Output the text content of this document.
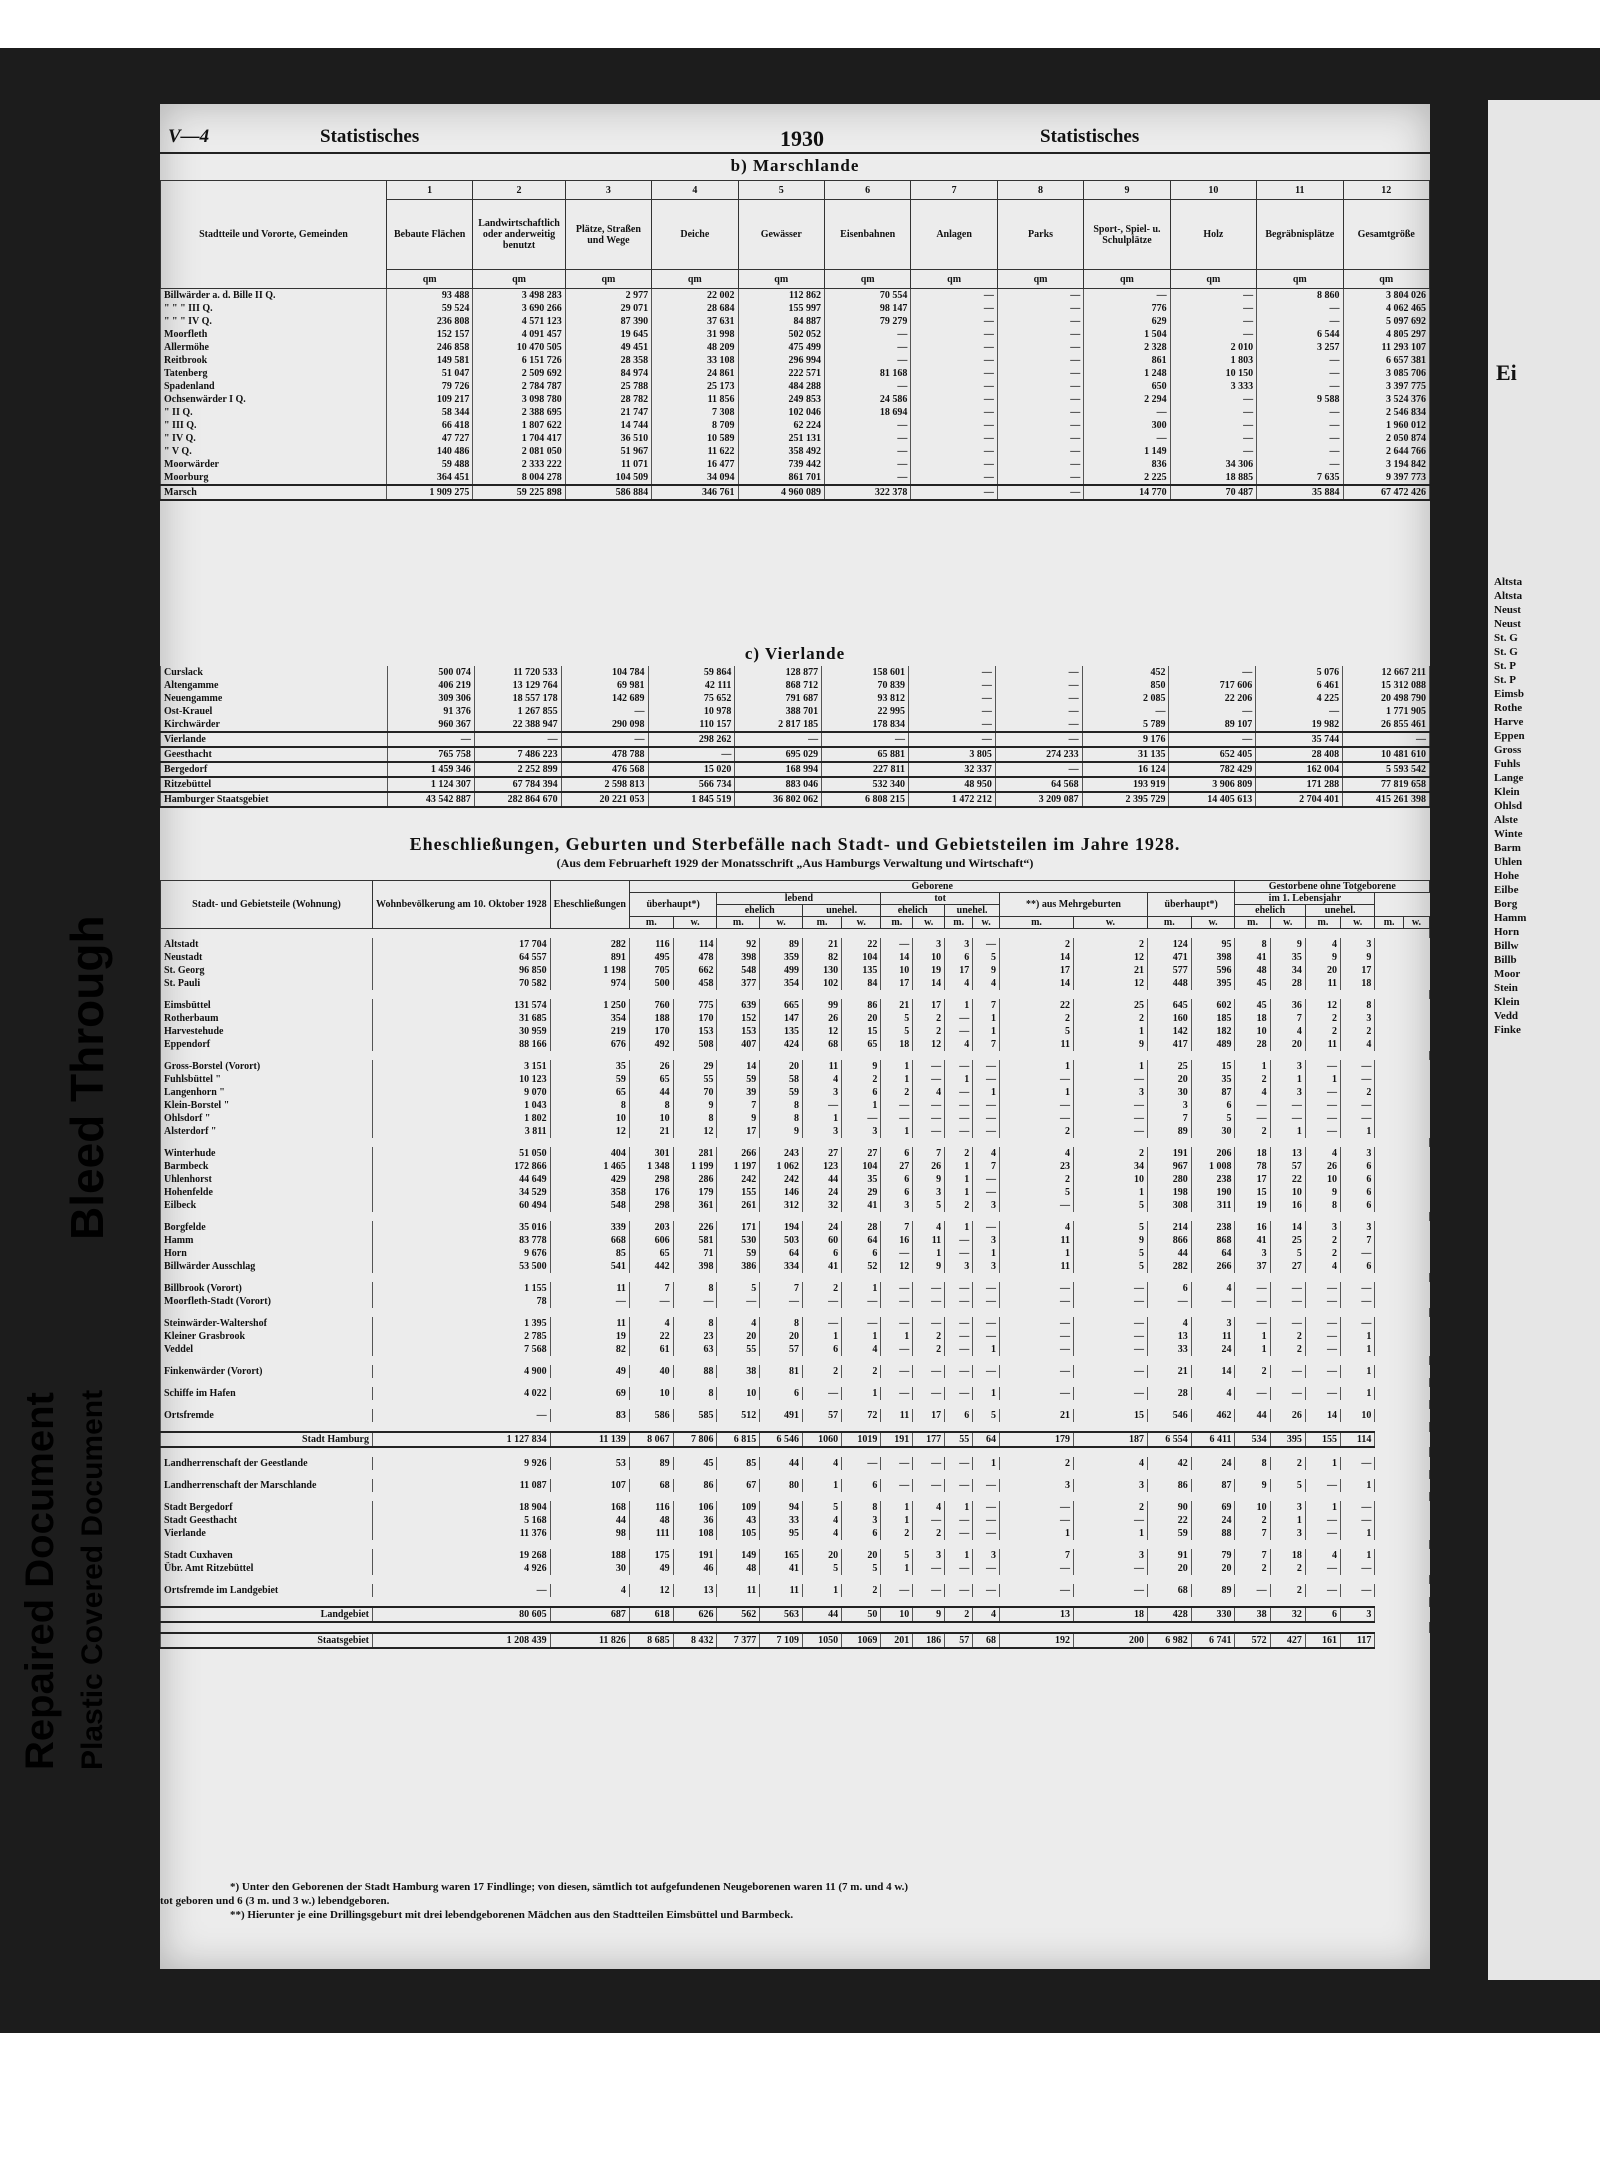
Ei
Altsta
Altsta
Neust
Neust
St. G
St. G
St. P
St. P
Eimsb
Rothe
Harve
Eppen
Gross
Fuhls
Lange
Klein
Ohlsd
Alste
Winte
Barm
Uhlen
Hohe
Eilbe
Borg
Hamm
Horn
Billw
Billb
Moor
Stein
Klein
Vedd
Finke
Repaired Document Plastic Covered Document
Bleed Through
V—4	Statistisches	1930	Statistisches
b) Marschlande
Stadtteile und Vororte, Gemeinden	1	2	3	4	5	6	7	8	9	10	11	12
	Bebaute Flächen	Landwirtschaftlich oder anderweitig benutzt	Plätze, Straßen und Wege	Deiche	Gewässer	Eisenbahnen	Anlagen	Parks	Sport-, Spiel- u. Schulplätze	Holz	Begräbnisplätze	Gesamtgröße
	qm	qm	qm	qm	qm	qm	qm	qm	qm	qm	qm	qm
Billwärder a. d. Bille II Q.	93 488	3 498 283	2 977	22 002	112 862	70 554	—	—	—	—	8 860	3 804 026
" " " III Q.	59 524	3 690 266	29 071	28 684	155 997	98 147	—	—	776	—	—	4 062 465
" " " IV Q.	236 808	4 571 123	87 390	37 631	84 887	79 279	—	—	629	—	—	5 097 692
Moorfleth	152 157	4 091 457	19 645	31 998	502 052	—	—	—	1 504	—	6 544	4 805 297
Allermöhe	246 858	10 470 505	49 451	48 209	475 499	—	—	—	2 328	2 010	3 257	11 293 107
Reitbrook	149 581	6 151 726	28 358	33 108	296 994	—	—	—	861	1 803	—	6 657 381
Tatenberg	51 047	2 509 692	84 974	24 861	222 571	81 168	—	—	1 248	10 150	—	3 085 706
Spadenland	79 726	2 784 787	25 788	25 173	484 288	—	—	—	650	3 333	—	3 397 775
Ochsenwärder I Q.	109 217	3 098 780	28 782	11 856	249 853	24 586	—	—	2 294	—	9 588	3 524 376
" II Q.	58 344	2 388 695	21 747	7 308	102 046	18 694	—	—	—	—	—	2 546 834
" III Q.	66 418	1 807 622	14 744	8 709	62 224	—	—	—	300	—	—	1 960 012
" IV Q.	47 727	1 704 417	36 510	10 589	251 131	—	—	—	—	—	—	2 050 874
" V Q.	140 486	2 081 050	51 967	11 622	358 492	—	—	—	1 149	—	—	2 644 766
Moorwärder	59 488	2 333 222	11 071	16 477	739 442	—	—	—	836	34 306	—	3 194 842
Moorburg	364 451	8 004 278	104 509	34 094	861 701	—	—	—	2 225	18 885	7 635	9 397 773
Marsch	1 909 275	59 225 898	586 884	346 761	4 960 089	322 378	—	—	14 770	70 487	35 884	67 472 426
c) Vierlande
Curslack	500 074	11 720 533	104 784	59 864	128 877	158 601	—	—	452	—	5 076	12 667 211
Altengamme	406 219	13 129 764	69 981	42 111	868 712	70 839	—	—	850	717 606	6 461	15 312 088
Neuengamme	309 306	18 557 178	142 689	75 652	791 687	93 812	—	—	2 085	22 206	4 225	20 498 790
Ost-Krauel	91 376	1 267 855	—	10 978	388 701	22 995	—	—	—	—	—	1 771 905
Kirchwärder	960 367	22 388 947	290 098	110 157	2 817 185	178 834	—	—	5 789	89 107	19 982	26 855 461
Vierlande	—	—	—	298 262	—	—	—	—	9 176	—	35 744	—
Geesthacht	765 758	7 486 223	478 788	—	695 029	65 881	3 805	274 233	31 135	652 405	28 408	10 481 610
Bergedorf	1 459 346	2 252 899	476 568	15 020	168 994	227 811	32 337	—	16 124	782 429	162 004	5 593 542
Ritzebüttel	1 124 307	67 784 394	2 598 813	566 734	883 046	532 340	48 950	64 568	193 919	3 906 809	171 288	77 819 658
Hamburger Staatsgebiet	43 542 887	282 864 670	20 221 053	1 845 519	36 802 062	6 808 215	1 472 212	3 209 087	2 395 729	14 405 613	2 704 401	415 261 398
Eheschließungen, Geburten und Sterbefälle nach Stadt- und Gebietsteilen im Jahre 1928.
(Aus dem Februarheft 1929 der Monatsschrift „Aus Hamburgs Verwaltung und Wirtschaft“)
Stadt- und Gebietsteile (Wohnung)	Wohnbevölkerung am 10. Oktober 1928	Eheschließungen	Geborene														Gestorbene ohne Totgeborene					
			überhaupt*)		lebend				tot				**) aus Mehrgeburten		überhaupt*)		im 1. Lebensjahr					
					ehelich		unehel.		ehelich		unehel.						ehelich		unehel.			
			m.	w.	m.	w.	m.	w.	m.	w.	m.	w.	m.	w.	m.	w.	m.	w.	m.	w.	m.	w.

Altstadt	17 704	282	116	114	92	89	21	22	—	3	3	—	2	2	124	95	8	9	4	3		
Neustadt	64 557	891	495	478	398	359	82	104	14	10	6	5	14	12	471	398	41	35	9	9		
St. Georg	96 850	1 198	705	662	548	499	130	135	10	19	17	9	17	21	577	596	48	34	20	17		
St. Pauli	70 582	974	500	458	377	354	102	84	17	14	4	4	14	12	448	395	45	28	11	18		

Eimsbüttel	131 574	1 250	760	775	639	665	99	86	21	17	1	7	22	25	645	602	45	36	12	8		
Rotherbaum	31 685	354	188	170	152	147	26	20	5	2	—	1	2	2	160	185	18	7	2	3		
Harvestehude	30 959	219	170	153	153	135	12	15	5	2	—	1	5	1	142	182	10	4	2	2		
Eppendorf	88 166	676	492	508	407	424	68	65	18	12	4	7	11	9	417	489	28	20	11	4		

Gross-Borstel (Vorort)	3 151	35	26	29	14	20	11	9	1	—	—	—	1	1	25	15	1	3	—	—		
Fuhlsbüttel "	10 123	59	65	55	59	58	4	2	1	—	1	—	—	—	20	35	2	1	1	—		
Langenhorn "	9 070	65	44	70	39	59	3	6	2	4	—	1	1	3	30	87	4	3	—	2		
Klein-Borstel "	1 043	8	8	9	7	8	—	1	—	—	—	—	—	—	3	6	—	—	—	—		
Ohlsdorf "	1 802	10	10	8	9	8	1	—	—	—	—	—	—	—	7	5	—	—	—	—		
Alsterdorf "	3 811	12	21	12	17	9	3	3	1	—	—	—	2	—	89	30	2	1	—	1		

Winterhude	51 050	404	301	281	266	243	27	27	6	7	2	4	4	2	191	206	18	13	4	3		
Barmbeck	172 866	1 465	1 348	1 199	1 197	1 062	123	104	27	26	1	7	23	34	967	1 008	78	57	26	6		
Uhlenhorst	44 649	429	298	286	242	242	44	35	6	9	1	—	2	10	280	238	17	22	10	6		
Hohenfelde	34 529	358	176	179	155	146	24	29	6	3	1	—	5	1	198	190	15	10	9	6		
Eilbeck	60 494	548	298	361	261	312	32	41	3	5	2	3	—	5	308	311	19	16	8	6		

Borgfelde	35 016	339	203	226	171	194	24	28	7	4	1	—	4	5	214	238	16	14	3	3		
Hamm	83 778	668	606	581	530	503	60	64	16	11	—	3	11	9	866	868	41	25	2	7		
Horn	9 676	85	65	71	59	64	6	6	—	1	—	1	1	5	44	64	3	5	2	—		
Billwärder Ausschlag	53 500	541	442	398	386	334	41	52	12	9	3	3	11	5	282	266	37	27	4	6		

Billbrook (Vorort)	1 155	11	7	8	5	7	2	1	—	—	—	—	—	—	6	4	—	—	—	—		
Moorfleth-Stadt (Vorort)	78	—	—	—	—	—	—	—	—	—	—	—	—	—	—	—	—	—	—	—		

Steinwärder-Waltershof	1 395	11	4	8	4	8	—	—	—	—	—	—	—	—	4	3	—	—	—	—		
Kleiner Grasbrook	2 785	19	22	23	20	20	1	1	1	2	—	—	—	—	13	11	1	2	—	1		
Veddel	7 568	82	61	63	55	57	6	4	—	2	—	1	—	—	33	24	1	2	—	1		

Finkenwärder (Vorort)	4 900	49	40	88	38	81	2	2	—	—	—	—	—	—	21	14	2	—	—	1		

Schiffe im Hafen	4 022	69	10	8	10	6	—	1	—	—	—	1	—	—	28	4	—	—	—	1		

Ortsfremde	—	83	586	585	512	491	57	72	11	17	6	5	21	15	546	462	44	26	14	10		

Stadt Hamburg	1 127 834	11 139	8 067	7 806	6 815	6 546	1060	1019	191	177	55	64	179	187	6 554	6 411	534	395	155	114		

Landherrenschaft der Geestlande	9 926	53	89	45	85	44	4	—	—	—	—	1	2	4	42	24	8	2	1	—		

Landherrenschaft der Marschlande	11 087	107	68	86	67	80	1	6	—	—	—	—	3	3	86	87	9	5	—	1		

Stadt Bergedorf	18 904	168	116	106	109	94	5	8	1	4	1	—	—	2	90	69	10	3	1	—		
Stadt Geesthacht	5 168	44	48	36	43	33	4	3	1	—	—	—	—	—	22	24	2	1	—	—		
Vierlande	11 376	98	111	108	105	95	4	6	2	2	—	—	1	1	59	88	7	3	—	1		

Stadt Cuxhaven	19 268	188	175	191	149	165	20	20	5	3	1	3	7	3	91	79	7	18	4	1		
Übr. Amt Ritzebüttel	4 926	30	49	46	48	41	5	5	1	—	—	—	—	—	20	20	2	2	—	—		

Ortsfremde im Landgebiet	—	4	12	13	11	11	1	2	—	—	—	—	—	—	68	89	—	2	—	—		

Landgebiet	80 605	687	618	626	562	563	44	50	10	9	2	4	13	18	428	330	38	32	6	3		

Staatsgebiet	1 208 439	11 826	8 685	8 432	7 377	7 109	1050	1069	201	186	57	68	192	200	6 982	6 741	572	427	161	117		
*) Unter den Geborenen der Stadt Hamburg waren 17 Findlinge; von diesen, sämtlich tot aufgefundenen Neugeborenen waren 11 (7 m. und 4 w.)
tot geboren und 6 (3 m. und 3 w.) lebendgeboren.
**) Hierunter je eine Drillingsgeburt mit drei lebendgeborenen Mädchen aus den Stadtteilen Eimsbüttel und Barmbeck.
